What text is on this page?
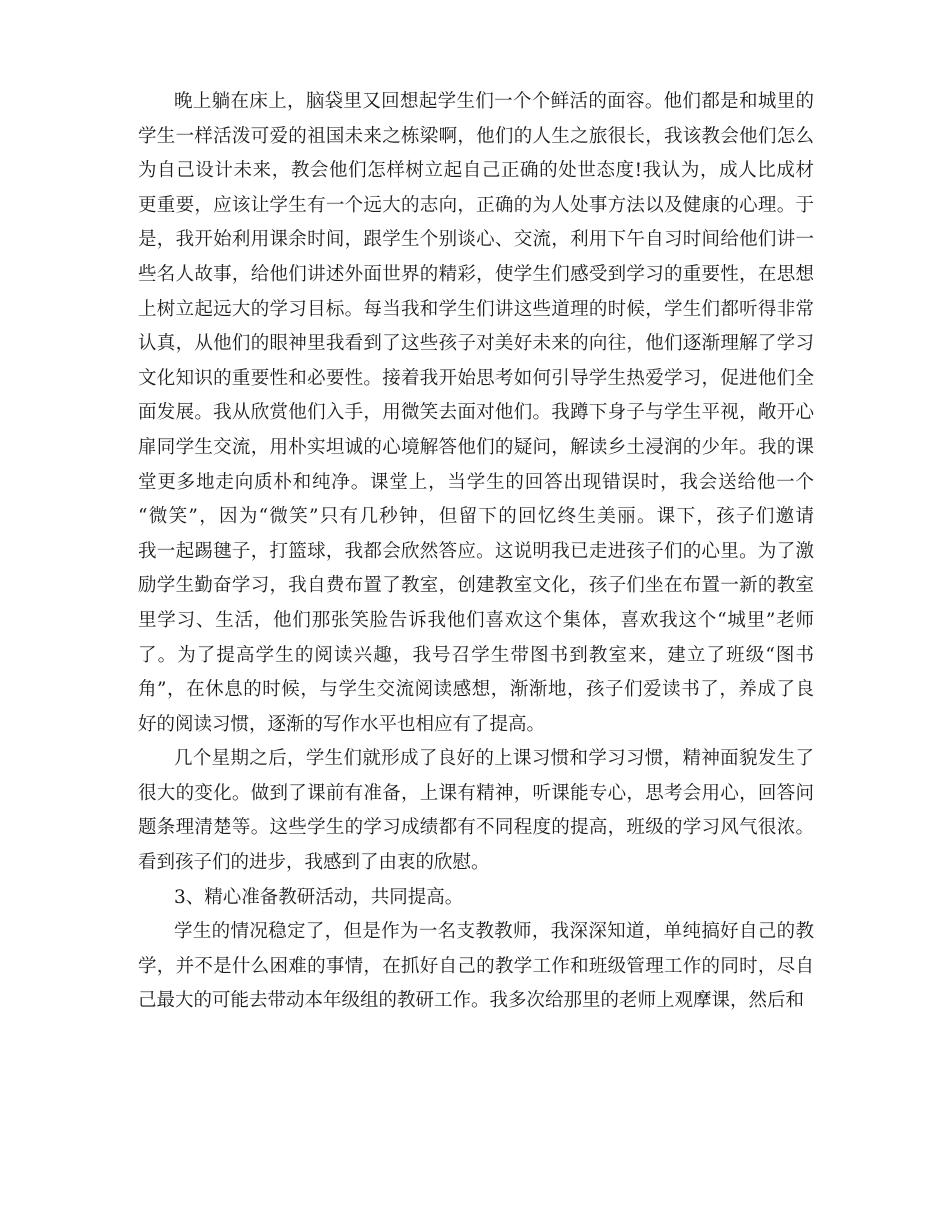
晚上躺在床上，脑袋里又回想起学生们一个个鲜活的面容。他们都是和城里的
学生一样活泼可爱的祖国未来之栋梁啊，他们的人生之旅很长，我该教会他们怎么
为自己设计未来，教会他们怎样树立起自己正确的处世态度!我认为，成人比成材
更重要，应该让学生有一个远大的志向，正确的为人处事方法以及健康的心理。于
是，我开始利用课余时间，跟学生个别谈心、交流，利用下午自习时间给他们讲一
些名人故事，给他们讲述外面世界的精彩，使学生们感受到学习的重要性，在思想
上树立起远大的学习目标。每当我和学生们讲这些道理的时候，学生们都听得非常
认真，从他们的眼神里我看到了这些孩子对美好未来的向往，他们逐渐理解了学习
文化知识的重要性和必要性。接着我开始思考如何引导学生热爱学习，促进他们全
面发展。我从欣赏他们入手，用微笑去面对他们。我蹲下身子与学生平视，敞开心
扉同学生交流，用朴实坦诚的心境解答他们的疑问，解读乡土浸润的少年。我的课
堂更多地走向质朴和纯净。课堂上，当学生的回答出现错误时，我会送给他一个
“微笑”，因为“微笑”只有几秒钟，但留下的回忆终生美丽。课下，孩子们邀请
我一起踢毽子，打篮球，我都会欣然答应。这说明我已走进孩子们的心里。为了激
励学生勤奋学习，我自费布置了教室，创建教室文化，孩子们坐在布置一新的教室
里学习、生活，他们那张笑脸告诉我他们喜欢这个集体，喜欢我这个“城里”老师
了。为了提高学生的阅读兴趣，我号召学生带图书到教室来，建立了班级“图书
角”，在休息的时候，与学生交流阅读感想，渐渐地，孩子们爱读书了，养成了良
好的阅读习惯，逐渐的写作水平也相应有了提高。
几个星期之后，学生们就形成了良好的上课习惯和学习习惯，精神面貌发生了
很大的变化。做到了课前有准备，上课有精神，听课能专心，思考会用心，回答问
题条理清楚等。这些学生的学习成绩都有不同程度的提高，班级的学习风气很浓。
看到孩子们的进步，我感到了由衷的欣慰。
3、精心准备教研活动，共同提高。
学生的情况稳定了，但是作为一名支教教师，我深深知道，单纯搞好自己的教
学，并不是什么困难的事情，在抓好自己的教学工作和班级管理工作的同时，尽自
己最大的可能去带动本年级组的教研工作。我多次给那里的老师上观摩课，然后和
